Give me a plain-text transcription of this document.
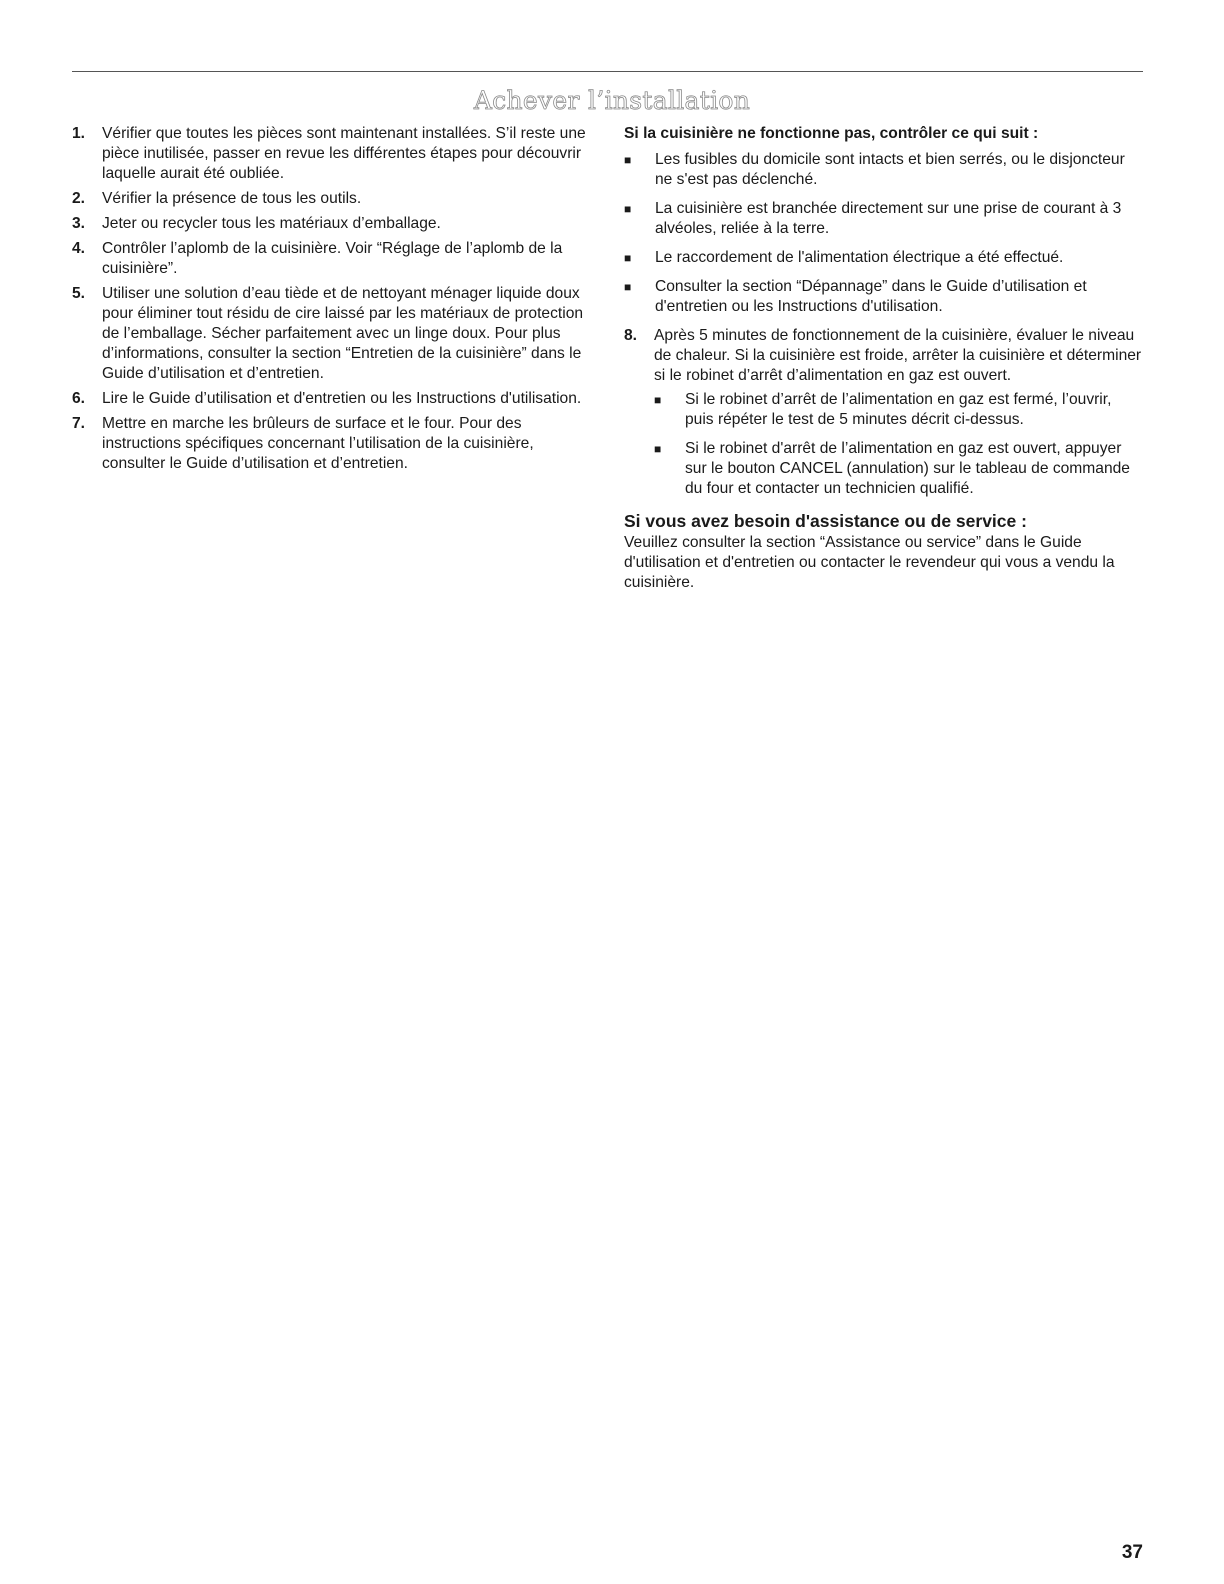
Achever l’installation
1.	Vérifier que toutes les pièces sont maintenant installées. S’il reste une pièce inutilisée, passer en revue les différentes étapes pour découvrir laquelle aurait été oubliée.
2.	Vérifier la présence de tous les outils.
3.	Jeter ou recycler tous les matériaux d’emballage.
4.	Contrôler l’aplomb de la cuisinière. Voir “Réglage de l’aplomb de la cuisinière”.
5.	Utiliser une solution d’eau tiède et de nettoyant ménager liquide doux pour éliminer tout résidu de cire laissé par les matériaux de protection de l’emballage. Sécher parfaitement avec un linge doux. Pour plus d’informations, consulter la section “Entretien de la cuisinière” dans le Guide d’utilisation et d’entretien.
6.	Lire le Guide d’utilisation et d'entretien ou les Instructions d'utilisation.
7.	Mettre en marche les brûleurs de surface et le four. Pour des instructions spécifiques concernant l’utilisation de la cuisinière, consulter le Guide d’utilisation et d’entretien.
Si la cuisinière ne fonctionne pas, contrôler ce qui suit :
■	Les fusibles du domicile sont intacts et bien serrés, ou le disjoncteur ne s'est pas déclenché.
■	La cuisinière est branchée directement sur une prise de courant à 3 alvéoles, reliée à la terre.
■	Le raccordement de l'alimentation électrique a été effectué.
■	Consulter la section “Dépannage” dans le Guide d’utilisation et d'entretien ou les Instructions d'utilisation.
8.	Après 5 minutes de fonctionnement de la cuisinière, évaluer le niveau de chaleur. Si la cuisinière est froide, arrêter la cuisinière et déterminer si le robinet d’arrêt d’alimentation en gaz est ouvert.
■	Si le robinet d’arrêt de l’alimentation en gaz est fermé, l’ouvrir, puis répéter le test de 5 minutes décrit ci-dessus.
■	Si le robinet d'arrêt de l’alimentation en gaz est ouvert, appuyer sur le bouton CANCEL (annulation) sur le tableau de commande du four et contacter un technicien qualifié.
Si vous avez besoin d'assistance ou de service :
Veuillez consulter la section “Assistance ou service” dans le Guide d'utilisation et d'entretien ou contacter le revendeur qui vous a vendu la cuisinière.
37
